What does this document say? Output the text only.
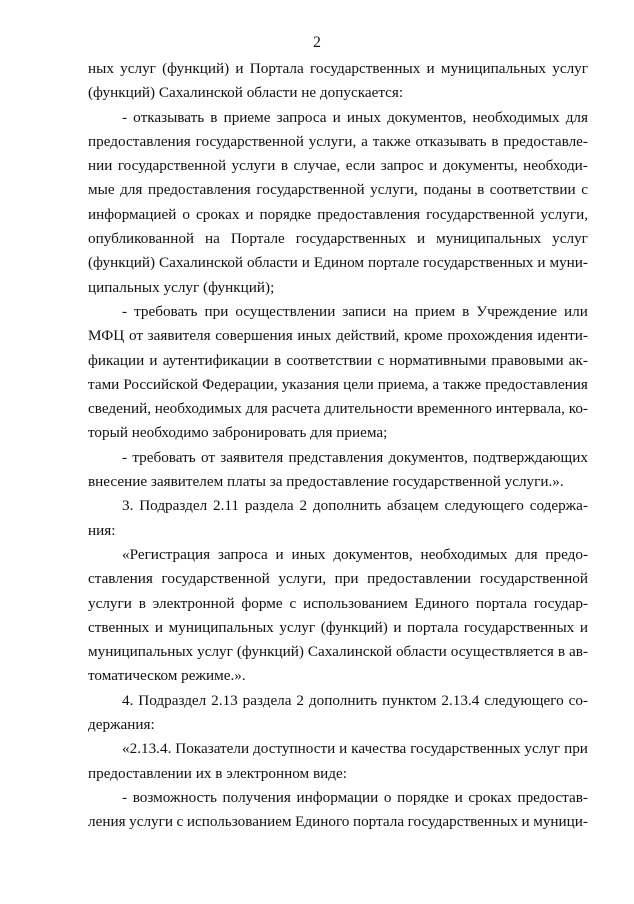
2
ных услуг (функций) и Портала государственных и муниципальных услуг
(функций) Сахалинской области не допускается:
- отказывать в приеме запроса и иных документов, необходимых для
предоставления государственной услуги, а также отказывать в предоставле-
нии государственной услуги в случае, если запрос и документы, необходи-
мые для предоставления государственной услуги, поданы в соответствии с
информацией о сроках и порядке предоставления государственной услуги,
опубликованной на Портале государственных и муниципальных услуг
(функций) Сахалинской области и Едином портале государственных и муни-
ципальных услуг (функций);
- требовать при осуществлении записи на прием в Учреждение или
МФЦ от заявителя совершения иных действий, кроме прохождения иденти-
фикации и аутентификации в соответствии с нормативными правовыми ак-
тами Российской Федерации, указания цели приема, а также предоставления
сведений, необходимых для расчета длительности временного интервала, ко-
торый необходимо забронировать для приема;
- требовать от заявителя представления документов, подтверждающих
внесение заявителем платы за предоставление государственной услуги.».
3. Подраздел 2.11 раздела 2 дополнить абзацем следующего содержа-
ния:
«Регистрация запроса и иных документов, необходимых для предо-
ставления государственной услуги, при предоставлении государственной
услуги в электронной форме с использованием Единого портала государ-
ственных и муниципальных услуг (функций) и портала государственных и
муниципальных услуг (функций) Сахалинской области осуществляется в ав-
томатическом режиме.».
4. Подраздел 2.13 раздела 2 дополнить пунктом 2.13.4 следующего со-
держания:
«2.13.4. Показатели доступности и качества государственных услуг при
предоставлении их в электронном виде:
- возможность получения информации о порядке и сроках предостав-
ления услуги с использованием Единого портала государственных и муници-
